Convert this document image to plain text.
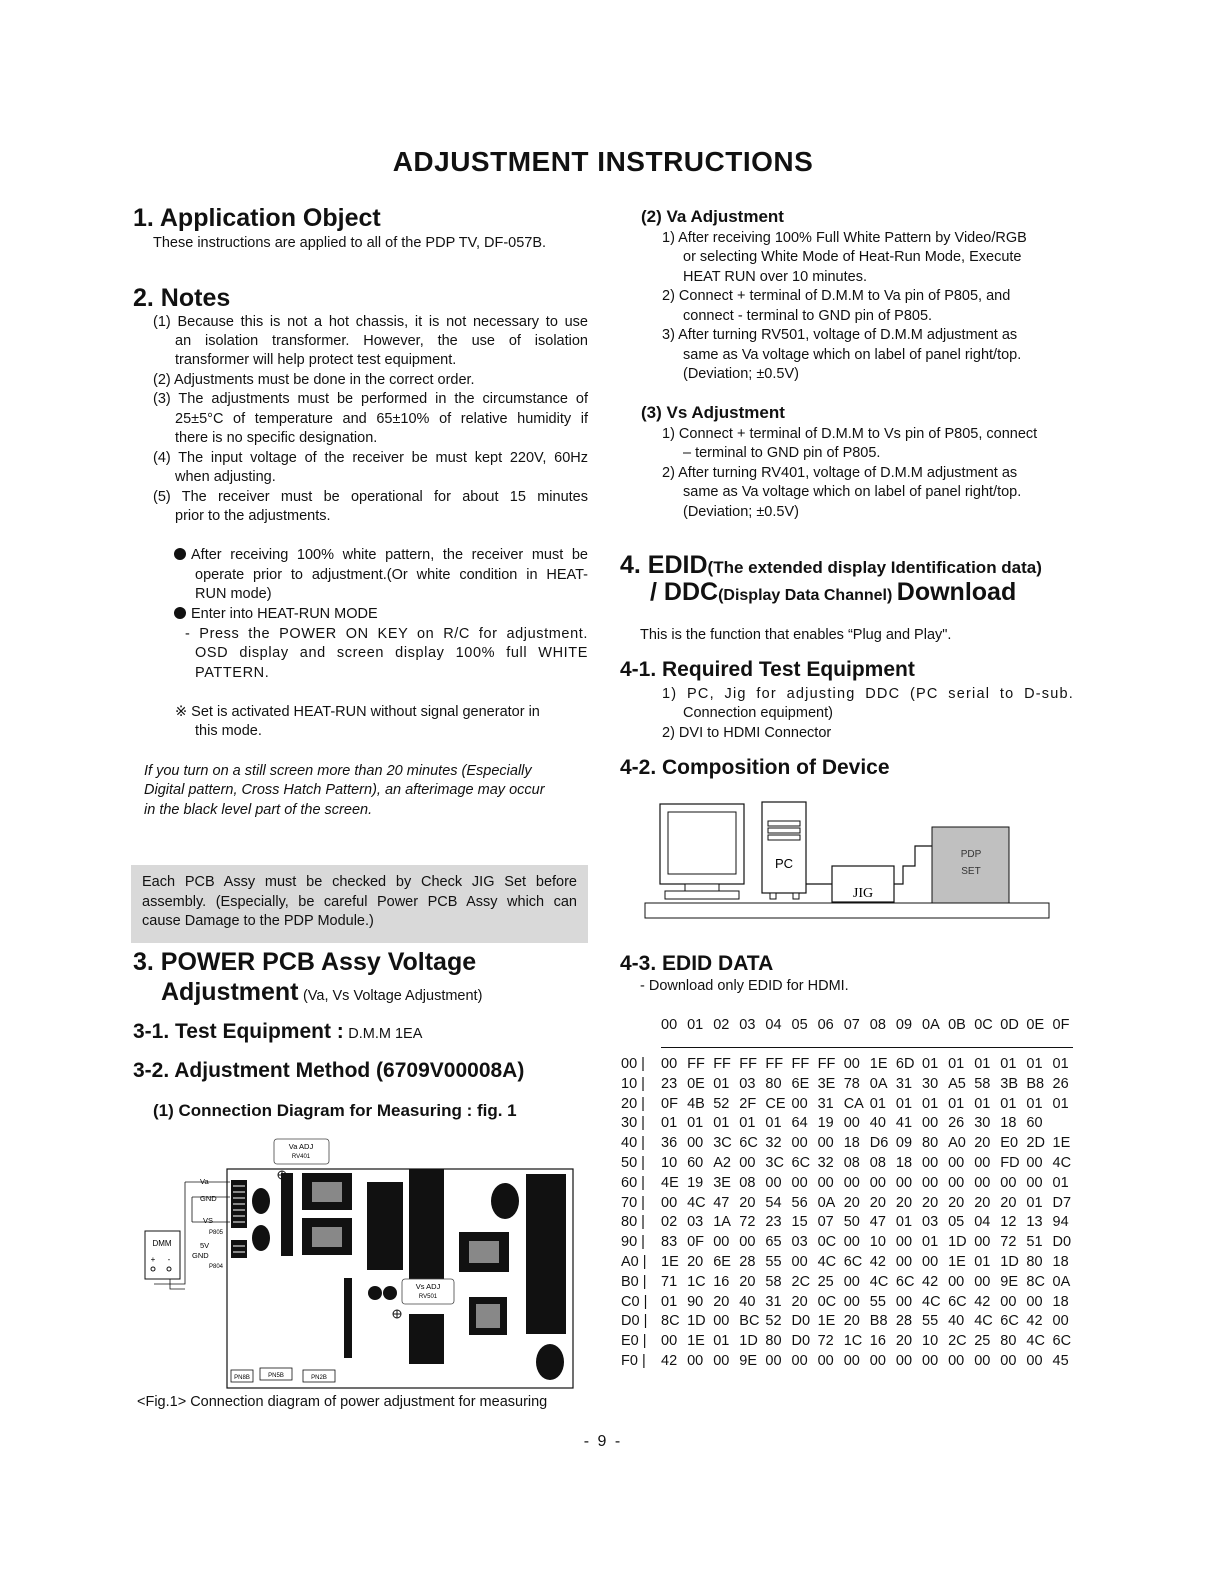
ADJUSTMENT INSTRUCTIONS
1. Application Object
These instructions are applied to all of the PDP TV, DF-057B.
2. Notes
(1) Because this is not a hot chassis, it is not necessary to use
an isolation transformer. However, the use of isolation
transformer will help protect test equipment.
(2) Adjustments must be done in the correct order.
(3) The adjustments must be performed in the circumstance of
25±5°C of temperature and 65±10% of relative humidity if
there is no specific designation.
(4) The input voltage of the receiver be must kept 220V, 60Hz
when adjusting.
(5) The receiver must be operational for about 15 minutes
prior to the adjustments.
After receiving 100% white pattern, the receiver must be
operate prior to adjustment.(Or white condition in HEAT-
RUN mode)
Enter into HEAT-RUN MODE
- Press the POWER ON KEY on R/C for adjustment.
OSD display and screen display 100% full WHITE
PATTERN.
※ Set is activated HEAT-RUN without signal generator in
this mode.
If you turn on a still screen more than 20 minutes (Especially
Digital pattern, Cross Hatch Pattern), an afterimage may occur
in the black level part of the screen.
Each PCB Assy must be checked by Check JIG Set before
assembly. (Especially, be careful Power PCB Assy which can
cause Damage to the PDP Module.)
3. POWER PCB Assy Voltage
Adjustment (Va, Vs Voltage Adjustment)
3-1. Test Equipment : D.M.M 1EA
3-2. Adjustment Method (6709V00008A)
(1) Connection Diagram for Measuring : fig. 1
Va ADJ
RV401
Va
GND
VS
P805
5V
GND
P804
DMM
+ -
Vs ADJ
RV501
PN8B	PN5B	PN2B
<Fig.1> Connection diagram of power adjustment for measuring
(2) Va Adjustment
1) After receiving 100% Full White Pattern by Video/RGB
or selecting White Mode of Heat-Run Mode, Execute
HEAT RUN over 10 minutes.
2) Connect + terminal of D.M.M to Va pin of P805, and
connect - terminal to GND pin of P805.
3) After turning RV501, voltage of D.M.M adjustment as
same as Va voltage which on label of panel right/top.
(Deviation; ±0.5V)
(3) Vs Adjustment
1) Connect + terminal of D.M.M to Vs pin of P805, connect
– terminal to GND pin of P805.
2) After turning RV401, voltage of D.M.M adjustment as
same as Va voltage which on label of panel right/top.
(Deviation; ±0.5V)
4. EDID(The extended display Identification data)
/ DDC(Display Data Channel) Download
This is the function that enables “Plug and Play".
4-1. Required Test Equipment
1) PC, Jig for adjusting DDC (PC serial to D-sub.
Connection equipment)
2) DVI to HDMI Connector
4-2. Composition of Device
PC
JIG
PDP
SET
4-3. EDID DATA
- Download only EDID for HDMI.
00 01 02 03 04 05 06 07 08 09 0A 0B 0C 0D 0E 0F
00 | 00 FF FF FF FF FF FF 00 1E 6D 01 01 01 01 01 01
10 | 23 0E 01 03 80 6E 3E 78 0A 31 30 A5 58 3B B8 26
20 | 0F 4B 52 2F CE 00 31 CA 01 01 01 01 01 01 01 01
30 | 01 01 01 01 01 64 19 00 40 41 00 26 30 18 60
40 | 36 00 3C 6C 32 00 00 18 D6 09 80 A0 20 E0 2D 1E
50 | 10 60 A2 00 3C 6C 32 08 08 18 00 00 00 FD 00 4C
60 | 4E 19 3E 08 00 00 00 00 00 00 00 00 00 00 00 01
70 | 00 4C 47 20 54 56 0A 20 20 20 20 20 20 20 01 D7
80 | 02 03 1A 72 23 15 07 50 47 01 03 05 04 12 13 94
90 | 83 0F 00 00 65 03 0C 00 10 00 01 1D 00 72 51 D0
A0 | 1E 20 6E 28 55 00 4C 6C 42 00 00 1E 01 1D 80 18
B0 | 71 1C 16 20 58 2C 25 00 4C 6C 42 00 00 9E 8C 0A
C0 | 01 90 20 40 31 20 0C 00 55 00 4C 6C 42 00 00 18
D0 | 8C 1D 00 BC 52 D0 1E 20 B8 28 55 40 4C 6C 42 00
E0 | 00 1E 01 1D 80 D0 72 1C 16 20 10 2C 25 80 4C 6C
F0 | 42 00 00 9E 00 00 00 00 00 00 00 00 00 00 00 45
- 9 -
